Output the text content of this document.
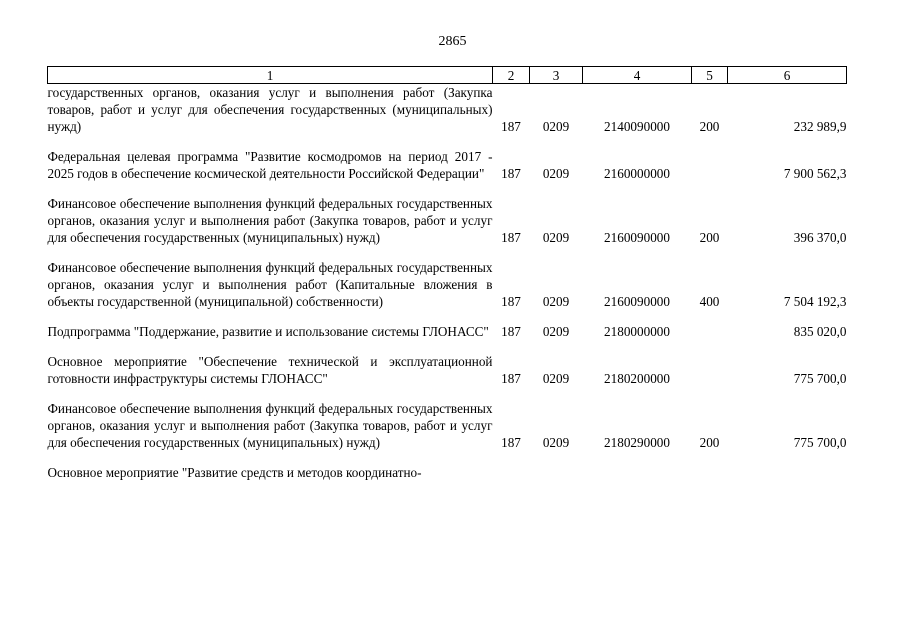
2865
1	2	3	4	5	6
государственных органов, оказания услуг и выполнения работ (Закупка товаров, работ и услуг для обеспечения государственных (муниципальных) нужд)	187	0209	2140090000	200	232 989,9
Федеральная целевая программа "Развитие космодромов на период 2017 - 2025 годов в обеспечение космической деятельности Российской Федерации"	187	0209	2160000000		7 900 562,3
Финансовое обеспечение выполнения функций федеральных государственных органов, оказания услуг и выполнения работ (Закупка товаров, работ и услуг для обеспечения государственных (муниципальных) нужд)	187	0209	2160090000	200	396 370,0
Финансовое обеспечение выполнения функций федеральных государственных органов, оказания услуг и выполнения работ (Капитальные вложения в объекты государственной (муниципальной) собственности)	187	0209	2160090000	400	7 504 192,3
Подпрограмма "Поддержание, развитие и использование системы ГЛОНАСС"	187	0209	2180000000		835 020,0
Основное мероприятие "Обеспечение технической и эксплуатационной готовности инфраструктуры системы ГЛОНАСС"	187	0209	2180200000		775 700,0
Финансовое обеспечение выполнения функций федеральных государственных органов, оказания услуг и выполнения работ (Закупка товаров, работ и услуг для обеспечения государственных (муниципальных) нужд)	187	0209	2180290000	200	775 700,0
Основное мероприятие "Развитие средств и методов координатно-					
